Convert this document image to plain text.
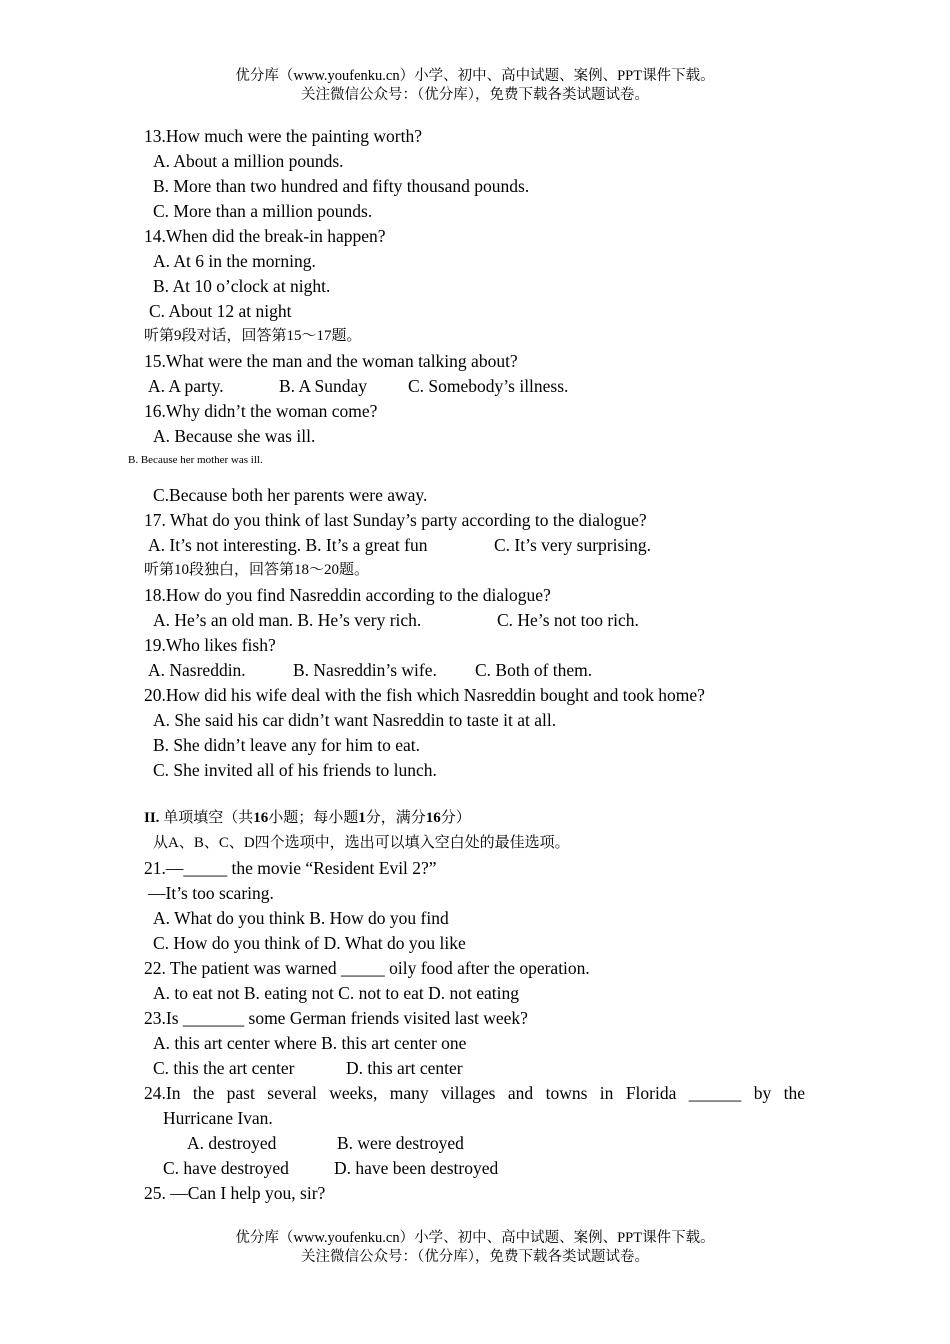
优分库（www.youfenku.cn）小学、初中、高中试题、案例、PPT课件下载。
关注微信公众号：（优分库），免费下载各类试题试卷。
13.How much were the painting worth?
A. About a million pounds.
B. More than two hundred and fifty thousand pounds.
C. More than a million pounds.
14.When did the break-in happen?
A. At 6 in the morning.
B. At 10 o’clock at night.
C. About 12 at night
听第9段对话，回答第15～17题。
15.What were the man and the woman talking about?
A. A party.	B. A Sunday C. Somebody’s illness.
16.Why didn’t the woman come?
A. Because she was ill.
B. Because her mother was ill.
C.Because both her parents were away.
17. What do you think of last Sunday’s party according to the dialogue?
A. It’s not interesting. B. It’s a great fun	C. It’s very surprising.
听第10段独白，回答第18～20题。
18.How do you find Nasreddin according to the dialogue?
A. He’s an old man. B. He’s very rich.	C. He’s not too rich.
19.Who likes fish?
A. Nasreddin.	B. Nasreddin’s wife. C. Both of them.
20.How did his wife deal with the fish which Nasreddin bought and took home?
A. She said his car didn’t want Nasreddin to taste it at all.
B. She didn’t leave any for him to eat.
C. She invited all of his friends to lunch.
II. 单项填空（共16小题；每小题1分，满分16分）
从A、B、C、D四个选项中，选出可以填入空白处的最佳选项。
21.—_____ the movie “Resident Evil 2?”
—It’s too scaring.
A. What do you think B. How do you find
C. How do you think of D. What do you like
22. The patient was warned _____ oily food after the operation.
A. to eat not B. eating not C. not to eat D. not eating
23.Is _______ some German friends visited last week?
A. this art center where B. this art center one
C. this the art center	D. this art center
24.In the past several weeks, many villages and towns in Florida ______ by the
Hurricane Ivan.
A. destroyed	B. were destroyed
C. have destroyed	D. have been destroyed
25. —Can I help you, sir?
优分库（www.youfenku.cn）小学、初中、高中试题、案例、PPT课件下载。
关注微信公众号：（优分库），免费下载各类试题试卷。
